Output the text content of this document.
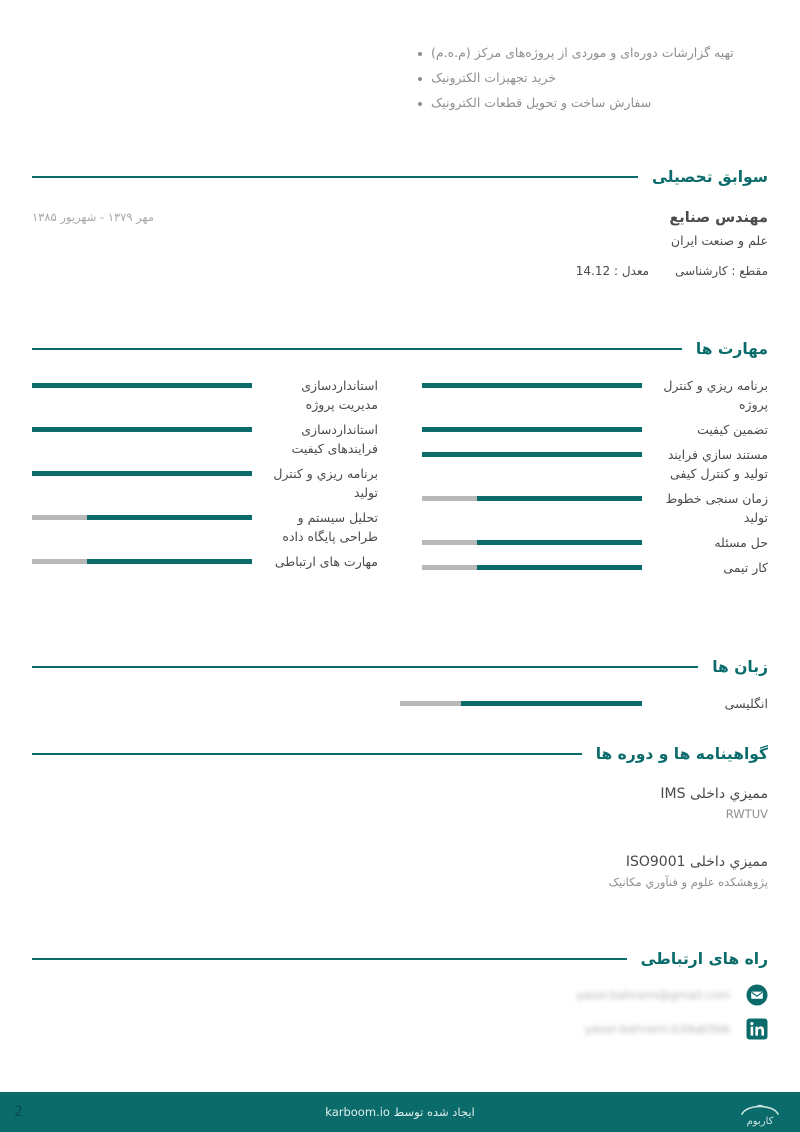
تهیه گزارشات دوره‌ای و موردی از پروژه‌های مرکز (م.ه.م)
خرید تجهیزات الکترونیک
سفارش ساخت و تحویل قطعات الکترونیک
سوابق تحصیلی
مهندس صنایع
علم و صنعت ایران
مقطع : کارشناسی
معدل : 14.12
مهر ۱۳۷۹ - شهریور ۱۳۸۵
مهارت ها
برنامه ریزي و کنترل پروژه
تضمین کیفیت
مستند سازي فرایند تولید و کنترل کیفی
زمان سنجی خطوط تولید
حل مسئله
کار تیمی
استانداردسازی مدیریت پروژه
استانداردسازی فرایندهای کیفیت
برنامه ریزي و کنترل تولید
تحلیل سیستم و طراحی پایگاه داده
مهارت های ارتباطی
زبان ها
انگلیسی
گواهینامه ها و دوره ها
ممیزي داخلی IMS
RWTUV
ممیزي داخلی ISO9001
پژوهشکده علوم و فنآوري مکانیک
راه های ارتباطی
yaser.bahrami@gmail.com
yaser-bahrami-b34ab5bb
کاربوم
ایجاد شده توسط karboom.io
2
